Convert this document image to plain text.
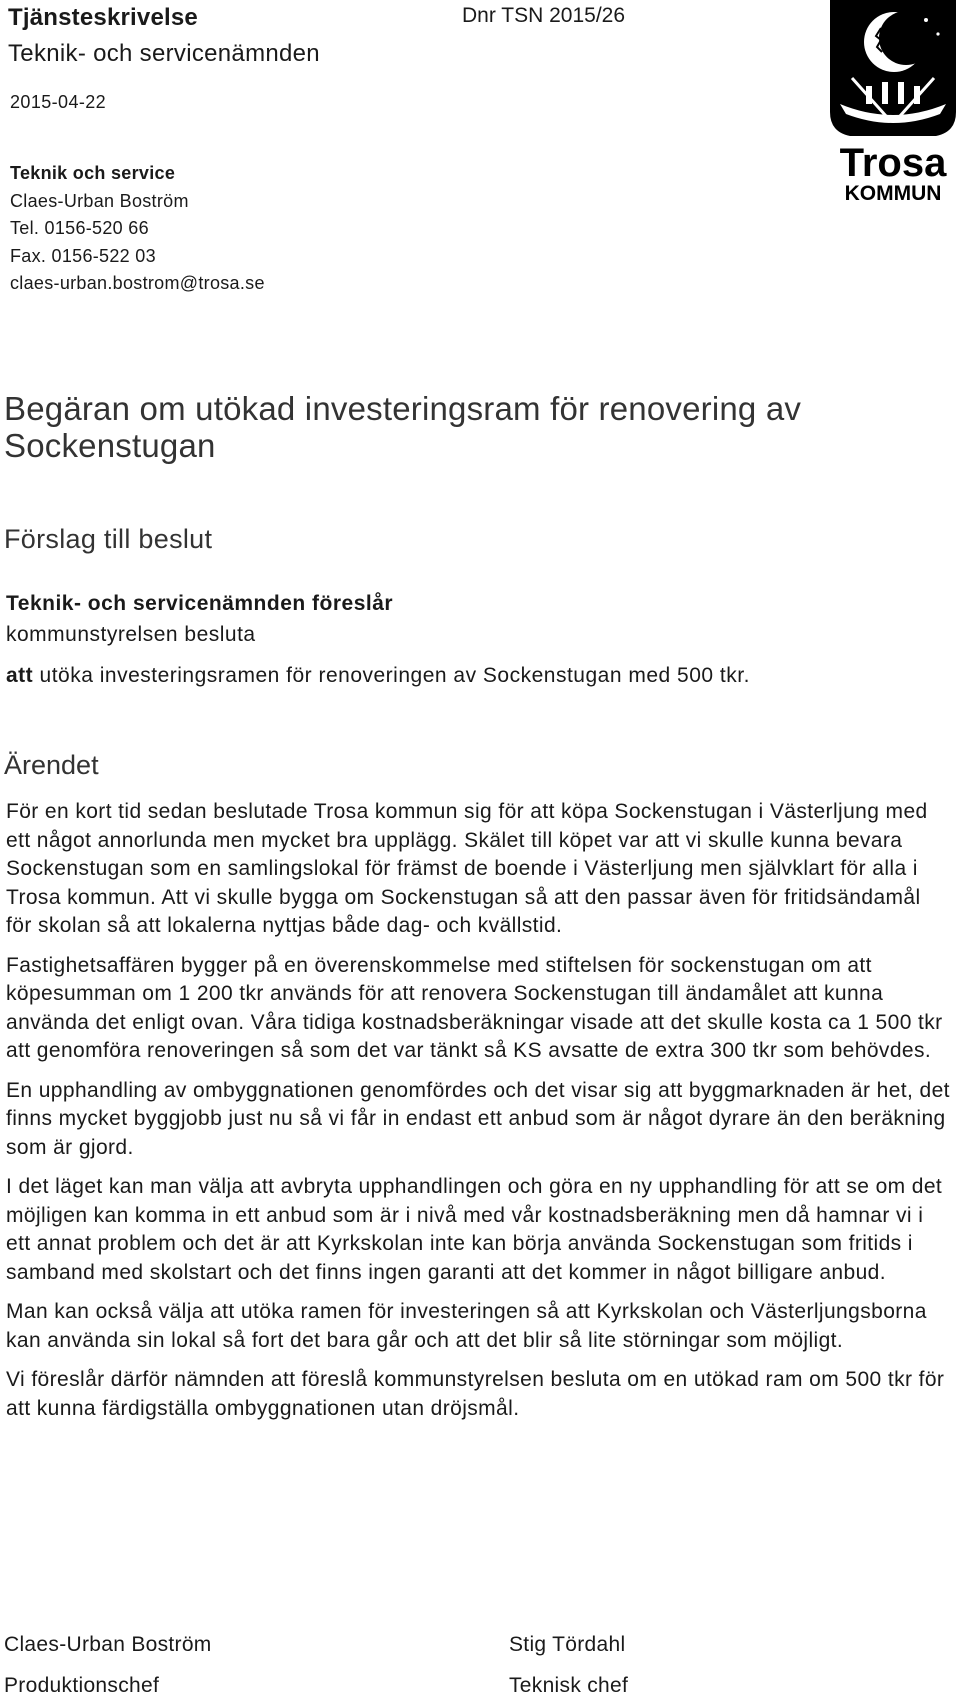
Tjänsteskrivelse
Teknik- och servicenämnden
Dnr TSN 2015/26
2015-04-22
Teknik och service
Claes-Urban Boström
Tel. 0156-520 66
Fax. 0156-522 03
claes-urban.bostrom@trosa.se
Trosa
KOMMUN
Begäran om utökad investeringsram för renovering av Sockenstugan
Förslag till beslut
Teknik- och servicenämnden föreslår
kommunstyrelsen besluta
att utöka investeringsramen för renoveringen av Sockenstugan med 500 tkr.
Ärendet

För en kort tid sedan beslutade Trosa kommun sig för att köpa Sockenstugan i Västerljung med ett något annorlunda men mycket bra upplägg. Skälet till köpet var att vi skulle kunna bevara Sockenstugan som en samlingslokal för främst de boende i Västerljung men självklart för alla i Trosa kommun. Att vi skulle bygga om Sockenstugan så att den passar även för fritidsändamål för skolan så att lokalerna nyttjas både dag- och kvällstid.

Fastighetsaffären bygger på en överenskommelse med stiftelsen för sockenstugan om att köpesumman om 1 200 tkr används för att renovera Sockenstugan till ändamålet att kunna använda det enligt ovan. Våra tidiga kostnadsberäkningar visade att det skulle kosta ca 1 500 tkr att genomföra renoveringen så som det var tänkt så KS avsatte de extra 300 tkr som behövdes.

En upphandling av ombyggnationen genomfördes och det visar sig att byggmarknaden är het, det finns mycket byggjobb just nu så vi får in endast ett anbud som är något dyrare än den beräkning som är gjord.

I det läget kan man välja att avbryta upphandlingen och göra en ny upphandling för att se om det möjligen kan komma in ett anbud som är i nivå med vår kostnadsberäkning men då hamnar vi i ett annat problem och det är att Kyrkskolan inte kan börja använda Sockenstugan som fritids i samband med skolstart och det finns ingen garanti att det kommer in något billigare anbud.

Man kan också välja att utöka ramen för investeringen så att Kyrkskolan och Västerljungsborna kan använda sin lokal så fort det bara går och att det blir så lite störningar som möjligt.

Vi föreslår därför nämnden att föreslå kommunstyrelsen besluta om en utökad ram om 500 tkr för att kunna färdigställa ombyggnationen utan dröjsmål.

Claes-Urban Boström
Produktionschef
Stig Tördahl
Teknisk chef
